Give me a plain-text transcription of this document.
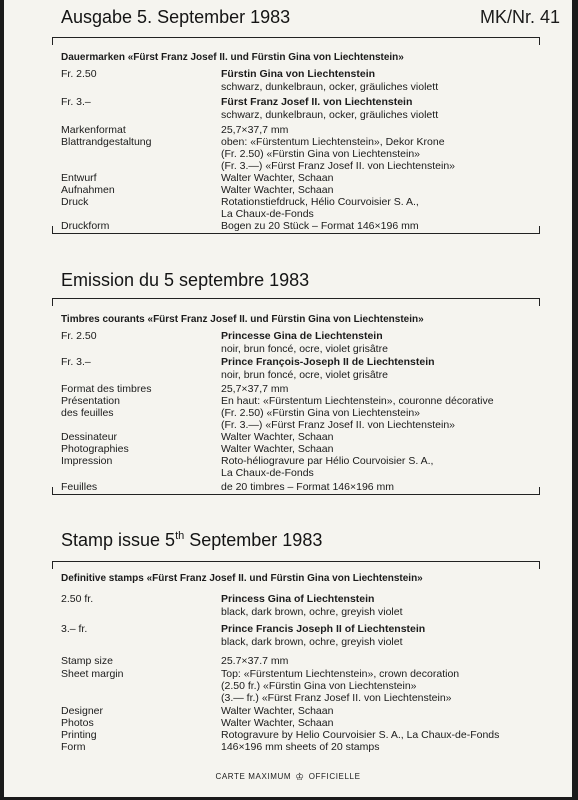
Ausgabe 5. September 1983	MK/Nr. 41
Dauermarken «Fürst Franz Josef II. und Fürstin Gina von Liechtenstein»
Fr. 2.50	Fürstin Gina von Liechtenstein
schwarz, dunkelbraun, ocker, gräuliches violett
Fr. 3.–	Fürst Franz Josef II. von Liechtenstein
schwarz, dunkelbraun, ocker, gräuliches violett
Markenformat	25,7×37,7 mm
Blattrandgestaltung	oben: «Fürstentum Liechtenstein», Dekor Krone
(Fr. 2.50) «Fürstin Gina von Liechtenstein»
(Fr. 3.—) «Fürst Franz Josef II. von Liechtenstein»
Entwurf	Walter Wachter, Schaan
Aufnahmen	Walter Wachter, Schaan
Druck	Rotationstiefdruck, Hélio Courvoisier S. A.,
La Chaux-de-Fonds
Druckform	Bogen zu 20 Stück – Format 146×196 mm
Emission du 5 septembre 1983
Timbres courants «Fürst Franz Josef II. und Fürstin Gina von Liechtenstein»
Fr. 2.50	Princesse Gina de Liechtenstein
noir, brun foncé, ocre, violet grisâtre
Fr. 3.–	Prince François-Joseph II de Liechtenstein
noir, brun foncé, ocre, violet grisâtre
Format des timbres	25,7×37,7 mm
Présentation	En haut: «Fürstentum Liechtenstein», couronne décorative
des feuilles	(Fr. 2.50) «Fürstin Gina von Liechtenstein»
(Fr. 3.—) «Fürst Franz Josef II. von Liechtenstein»
Dessinateur	Walter Wachter, Schaan
Photographies	Walter Wachter, Schaan
Impression	Roto-héliogravure par Hélio Courvoisier S. A.,
La Chaux-de-Fonds
Feuilles	de 20 timbres – Format 146×196 mm
Stamp issue 5th September 1983
Definitive stamps «Fürst Franz Josef II. und Fürstin Gina von Liechtenstein»
2.50 fr.	Princess Gina of Liechtenstein
black, dark brown, ochre, greyish violet
3.– fr.	Prince Francis Joseph II of Liechtenstein
black, dark brown, ochre, greyish violet
Stamp size	25.7×37.7 mm
Sheet margin	Top: «Fürstentum Liechtenstein», crown decoration
(2.50 fr.) «Fürstin Gina von Liechtenstein»
(3.— fr.) «Fürst Franz Josef II. von Liechtenstein»
Designer	Walter Wachter, Schaan
Photos	Walter Wachter, Schaan
Printing	Rotogravure by Helio Courvoisier S. A., La Chaux-de-Fonds
Form	146×196 mm sheets of 20 stamps
CARTE MAXIMUM ♔ OFFICIELLE
